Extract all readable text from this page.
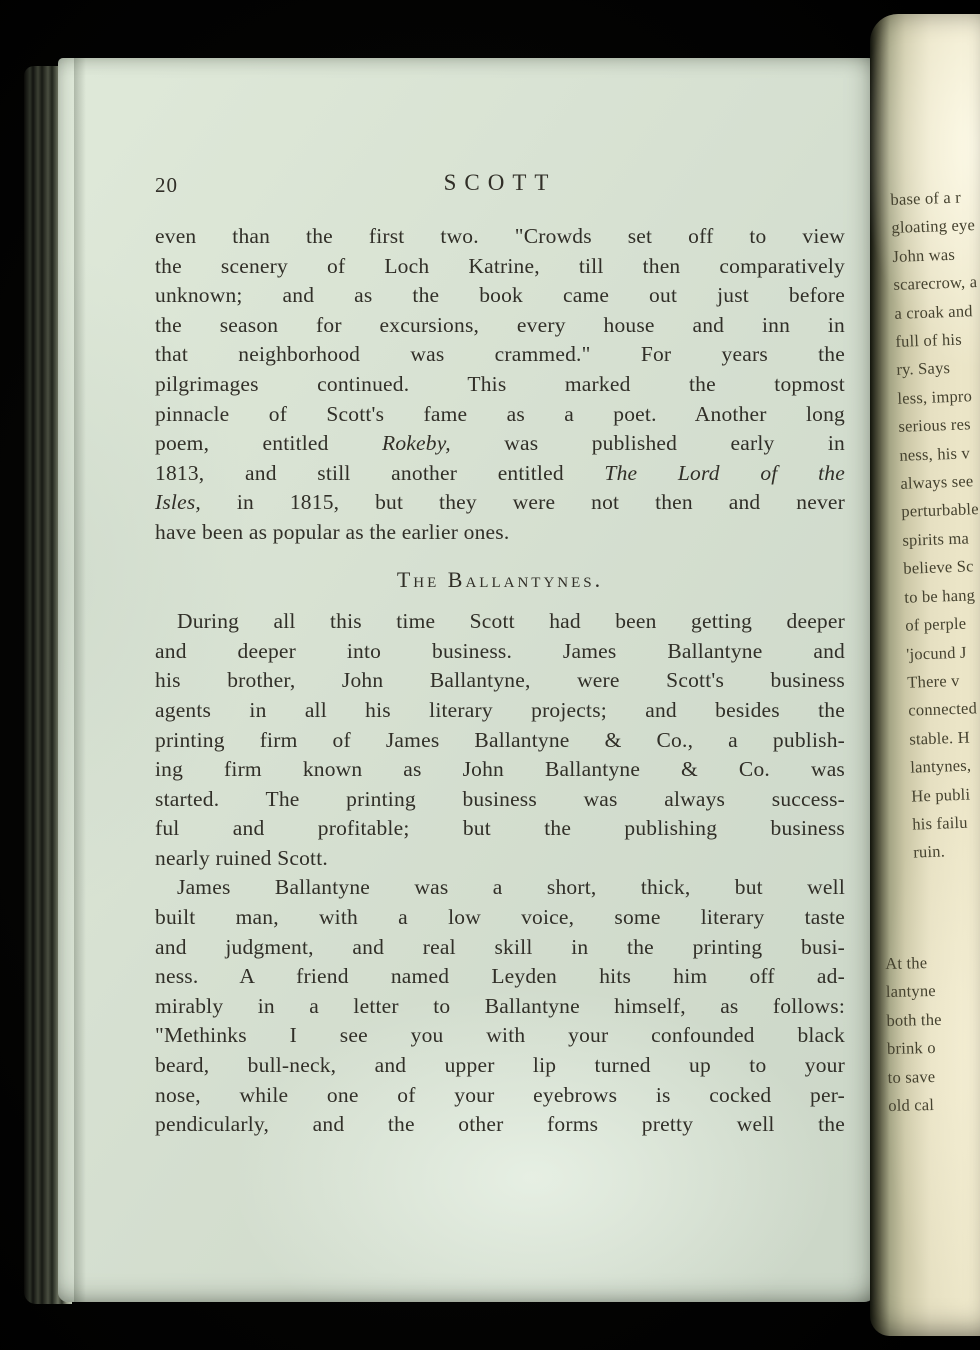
20	SCOTT
even than the first two. "Crowds set off to view
the scenery of Loch Katrine, till then comparatively
unknown; and as the book came out just before
the season for excursions, every house and inn in
that neighborhood was crammed." For years the
pilgrimages continued. This marked the topmost
pinnacle of Scott's fame as a poet. Another long
poem, entitled Rokeby, was published early in
1813, and still another entitled The Lord of the
Isles, in 1815, but they were not then and never
have been as popular as the earlier ones.
The Ballantynes.
During all this time Scott had been getting deeper
and deeper into business. James Ballantyne and
his brother, John Ballantyne, were Scott's business
agents in all his literary projects; and besides the
printing firm of James Ballantyne & Co., a publish-
ing firm known as John Ballantyne & Co. was
started. The printing business was always success-
ful and profitable; but the publishing business
nearly ruined Scott.
James Ballantyne was a short, thick, but well
built man, with a low voice, some literary taste
and judgment, and real skill in the printing busi-
ness. A friend named Leyden hits him off ad-
mirably in a letter to Ballantyne himself, as follows:
"Methinks I see you with your confounded black
beard, bull-neck, and upper lip turned up to your
nose, while one of your eyebrows is cocked per-
pendicularly, and the other forms pretty well the
base of a r
gloating eye
John was
scarecrow, a
a croak and
full of his
ry. Says
less, impro
serious res
ness, his v
always see
perturbable
spirits ma
believe Sc
to be hang
of perple
'jocund J
There v
connected
stable. H
lantynes,
He publi
his failu
ruin.
At the
lantyne
both the
brink o
to save
old cal
